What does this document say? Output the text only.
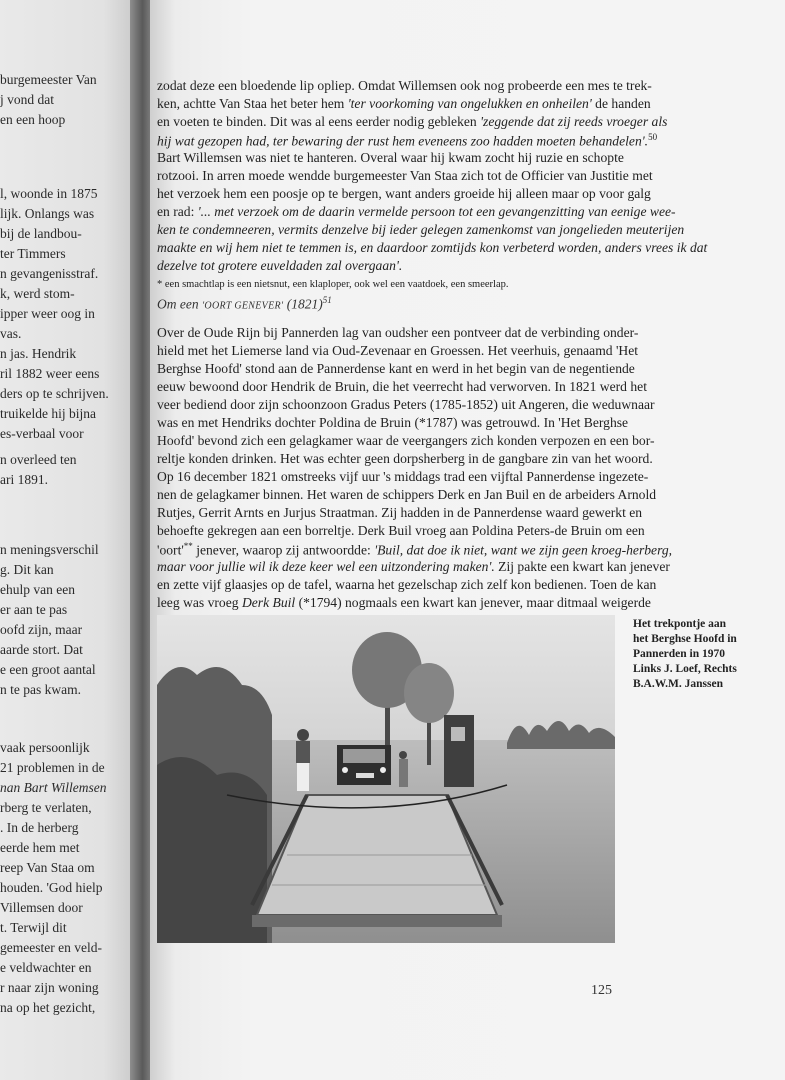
burgemeester Van
j vond dat
en een hoop
l, woonde in 1875
lijk. Onlangs was
bij de landbou-
ter Timmers
n gevangenisstraf.
k, werd stom-
ipper weer oog in
vas.
n jas. Hendrik
ril 1882 weer eens
ders op te schrijven.
truikelde hij bijna
es-verbaal voor
n overleed ten
ari 1891.
n meningsverschil
g. Dit kan
ehulp van een
er aan te pas
oofd zijn, maar
aarde stort. Dat
e een groot aantal
n te pas kwam.
vaak persoonlijk
21 problemen in de
nan Bart Willemsen
rberg te verlaten,
. In de herberg
eerde hem met
reep Van Staa om
houden. 'God hielp
Villemsen door
t. Terwijl dit
gemeester en veld-
e veldwachter en
r naar zijn woning
na op het gezicht,
zodat deze een bloedende lip opliep. Omdat Willemsen ook nog probeerde een mes te trek-
ken, achtte Van Staa het beter hem 'ter voorkoming van ongelukken en onheilen' de handen
en voeten te binden. Dit was al eens eerder nodig gebleken 'zeggende dat zij reeds vroeger als
hij wat gezopen had, ter bewaring der rust hem eveneens zoo hadden moeten behandelen'.$^{50}$
Bart Willemsen was niet te hanteren. Overal waar hij kwam zocht hij ruzie en schopte
rotzooi. In arren moede wendde burgemeester Van Staa zich tot de Officier van Justitie met
het verzoek hem een poosje op te bergen, want anders groeide hij alleen maar op voor galg
en rad: '... met verzoek om de daarin vermelde persoon tot een gevangenzitting van eenige wee-
ken te condemneeren, vermits denzelve bij ieder gelegen zamenkomst van jongelieden meuterijen
maakte en wij hem niet te temmen is, en daardoor zomtijds kon verbeterd worden, anders vrees ik dat
dezelve tot grotere euveldaden zal overgaan'.
* een smachtlap is een nietsnut, een klaploper, ook wel een vaatdoek, een smeerlap.
Om een 'OORT GENEVER' $(1821)^{51}$
Over de Oude Rijn bij Pannerden lag van oudsher een pontveer dat de verbinding onder-
hield met het Liemerse land via Oud-Zevenaar en Groessen. Het veerhuis, genaamd 'Het
Berghse Hoofd' stond aan de Pannerdense kant en werd in het begin van de negentiende
eeuw bewoond door Hendrik de Bruin, die het veerrecht had verworven. In 1821 werd het
veer bediend door zijn schoonzoon Gradus Peters (1785-1852) uit Angeren, die weduwnaar
was en met Hendriks dochter Poldina de Bruin (*1787) was getrouwd. In 'Het Berghse
Hoofd' bevond zich een gelagkamer waar de veergangers zich konden verpozen en een bor-
reltje konden drinken. Het was echter geen dorpsherberg in de gangbare zin van het woord.
Op 16 december 1821 omstreeks vijf uur 's middags trad een vijftal Pannerdense ingezete-
nen de gelagkamer binnen. Het waren de schippers Derk en Jan Buil en de arbeiders Arnold
Rutjes, Gerrit Arnts en Jurjus Straatman. Zij hadden in de Pannerdense waard gewerkt en
behoefte gekregen aan een borreltje. Derk Buil vroeg aan Poldina Peters-de Bruin om een
'oort'** jenever, waarop zij antwoordde: 'Buil, dat doe ik niet, want we zijn geen kroeg-herberg,
maar voor jullie wil ik deze keer wel een uitzondering maken'. Zij pakte een kwart kan jenever
en zette vijf glaasjes op de tafel, waarna het gezelschap zich zelf kon bedienen. Toen de kan
leeg was vroeg Derk Buil (*1794) nogmaals een kwart kan jenever, maar ditmaal weigerde
Het trekpontje aan
het Berghse Hoofd in
Pannerden in 1970
Links J. Loef, Rechts
B.A.W.M. Janssen
125
